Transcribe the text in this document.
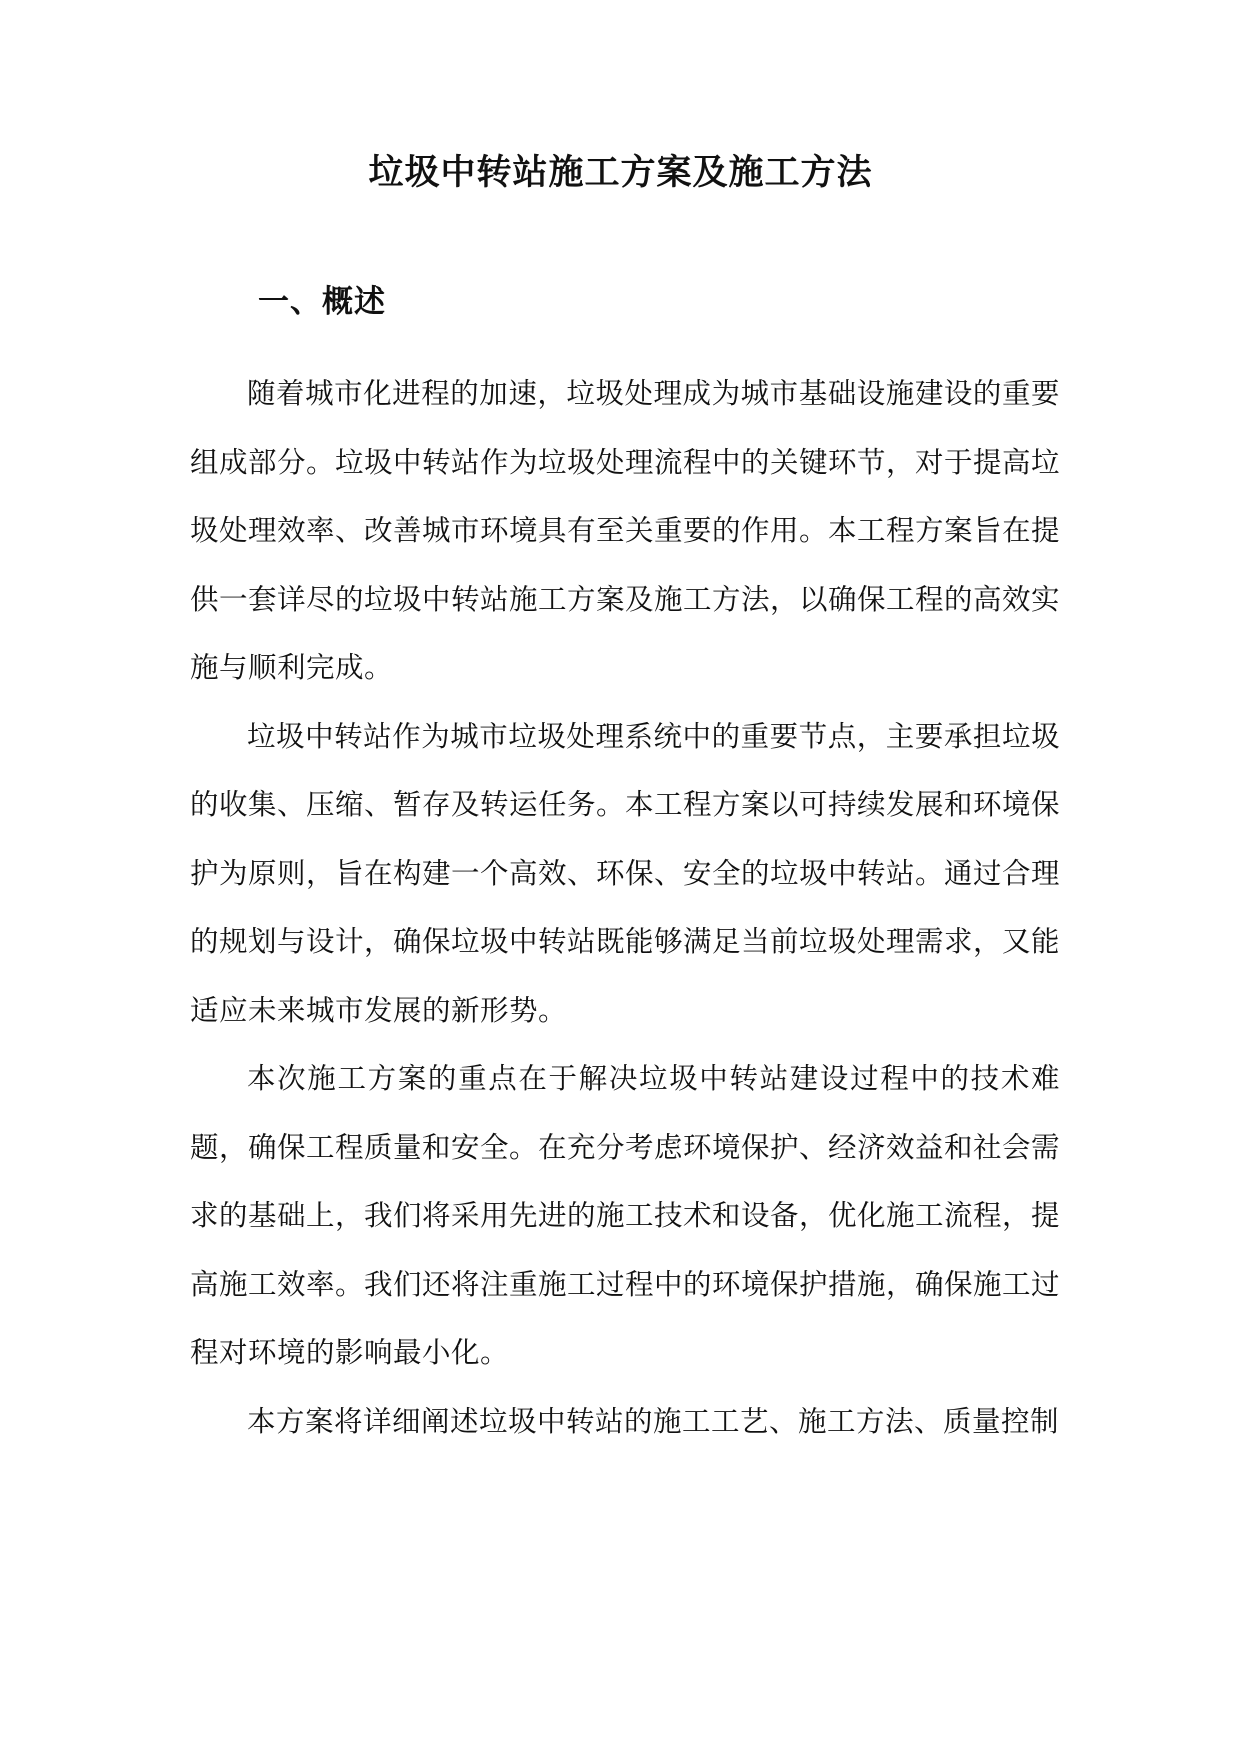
垃圾中转站施工方案及施工方法
一、概述

随着城市化进程的加速，垃圾处理成为城市基础设施建设的重要组成部分。垃圾中转站作为垃圾处理流程中的关键环节，对于提高垃圾处理效率、改善城市环境具有至关重要的作用。本工程方案旨在提供一套详尽的垃圾中转站施工方案及施工方法，以确保工程的高效实施与顺利完成。

垃圾中转站作为城市垃圾处理系统中的重要节点，主要承担垃圾的收集、压缩、暂存及转运任务。本工程方案以可持续发展和环境保护为原则，旨在构建一个高效、环保、安全的垃圾中转站。通过合理的规划与设计，确保垃圾中转站既能够满足当前垃圾处理需求，又能适应未来城市发展的新形势。

本次施工方案的重点在于解决垃圾中转站建设过程中的技术难题，确保工程质量和安全。在充分考虑环境保护、经济效益和社会需求的基础上，我们将采用先进的施工技术和设备，优化施工流程，提高施工效率。我们还将注重施工过程中的环境保护措施，确保施工过程对环境的影响最小化。

本方案将详细阐述垃圾中转站的施工工艺、施工方法、质量控制
